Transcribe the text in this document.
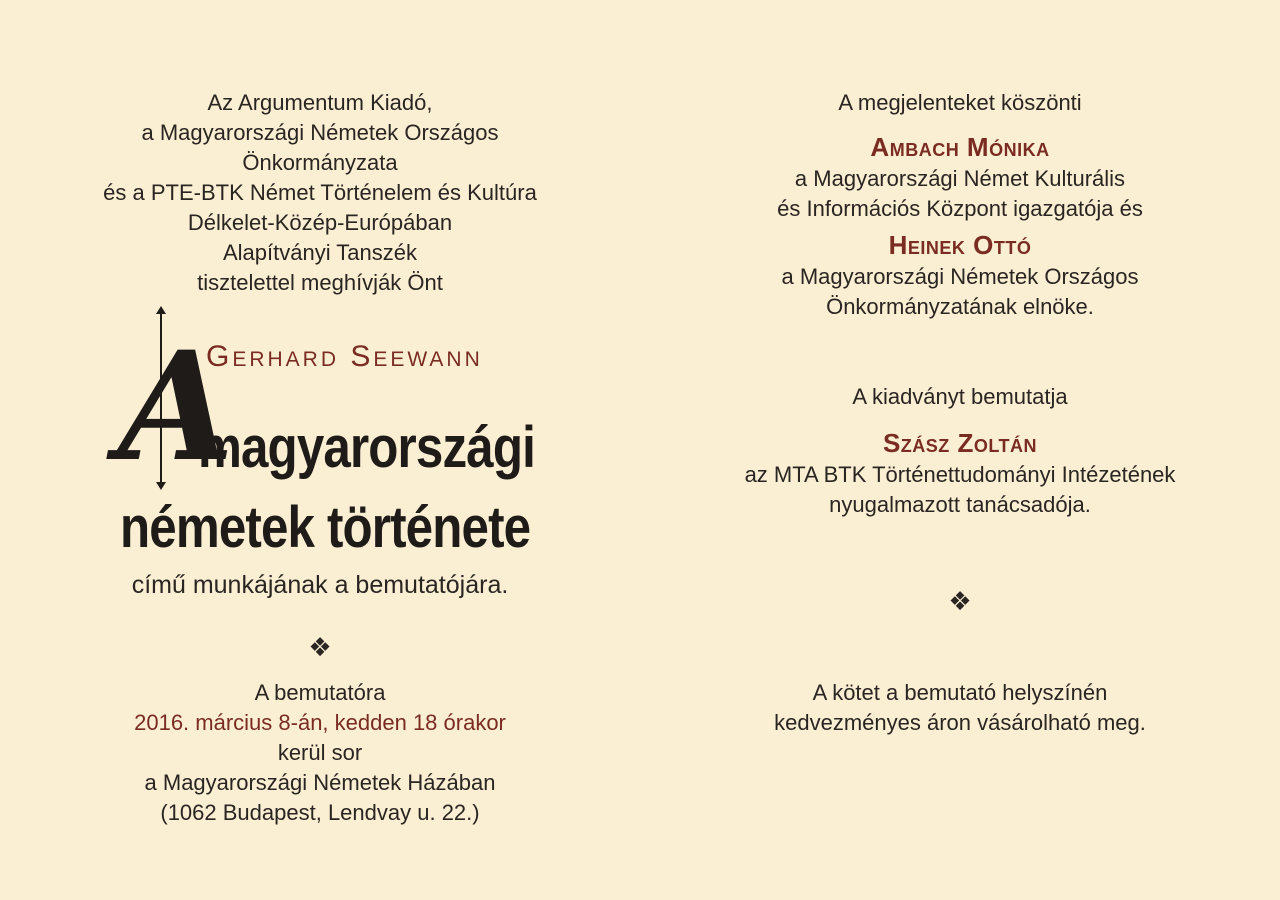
Az Argumentum Kiadó,
a Magyarországi Németek Országos
Önkormányzata
és a PTE-BTK Német Történelem és Kultúra
Délkelet-Közép-Európában
Alapítványi Tanszék
tisztelettel meghívják Önt
A
Gerhard Seewann
magyarországi
németek története
című munkájának a bemutatójára.
❖
A bemutatóra
2016. március 8-án, kedden 18 órakor
kerül sor
a Magyarországi Németek Házában
(1062 Budapest, Lendvay u. 22.)
A megjelenteket köszönti
Ambach Mónika
a Magyarországi Német Kulturális
és Információs Központ igazgatója és
Heinek Ottó
a Magyarországi Németek Országos
Önkormányzatának elnöke.
A kiadványt bemutatja
Szász Zoltán
az MTA BTK Történettudományi Intézetének
nyugalmazott tanácsadója.
❖
A kötet a bemutató helyszínén
kedvezményes áron vásárolható meg.
